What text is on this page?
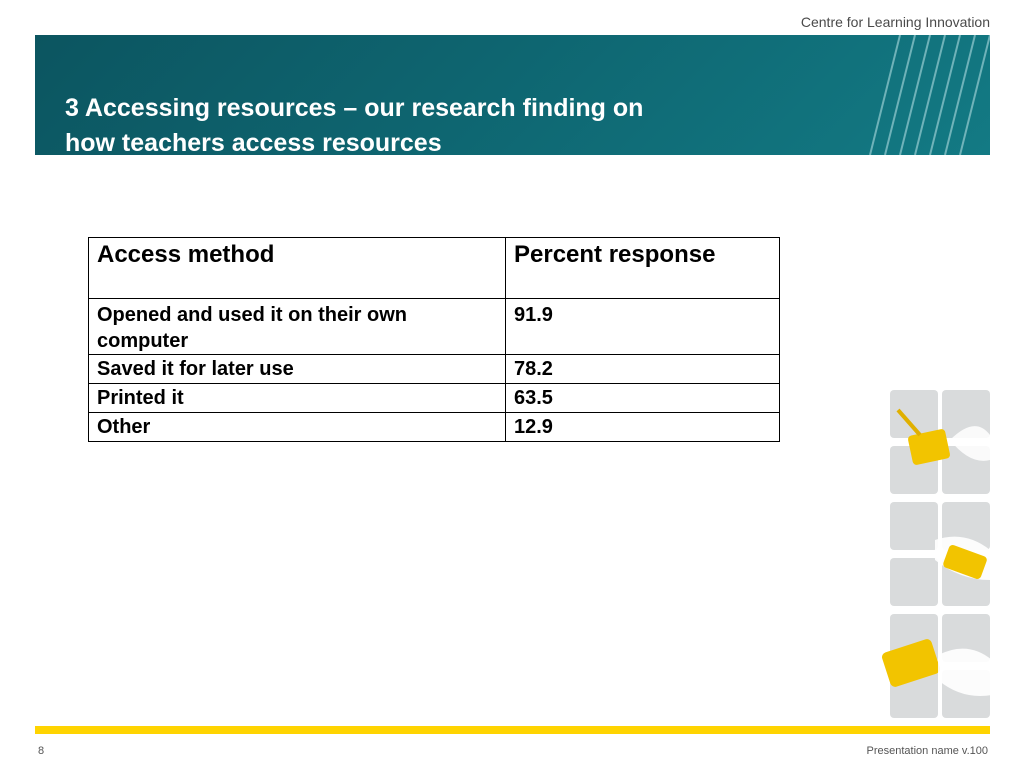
Centre for Learning Innovation
3 Accessing resources – our research finding on
how teachers access resources
Access method	Percent response
Opened and used it on their own computer	91.9
Saved it for later use	78.2
Printed it	63.5
Other	12.9
8	Presentation name v.100
